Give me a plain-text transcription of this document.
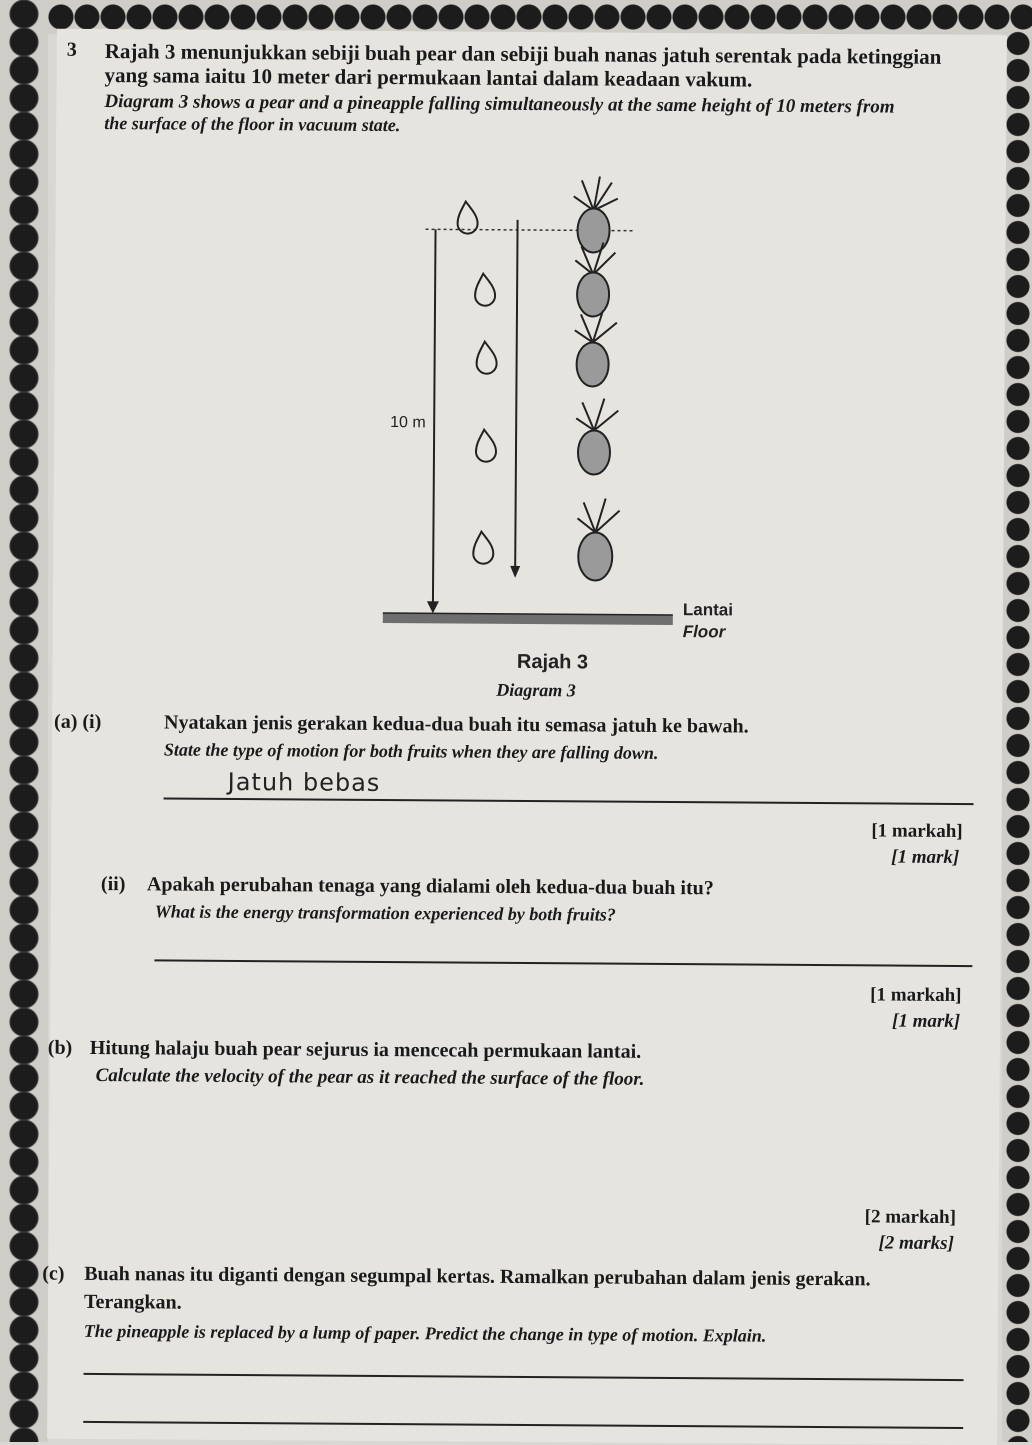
3 Rajah 3 menunjukkan sebiji buah pear dan sebiji buah nanas jatuh serentak pada ketinggian
yang sama iaitu 10 meter dari permukaan lantai dalam keadaan vakum.
Diagram 3 shows a pear and a pineapple falling simultaneously at the same height of 10 meters from
the surface of the floor in vacuum state.
10 m
Lantai
Floor
Rajah 3
Diagram 3
(a) (i)	Nyatakan jenis gerakan kedua-dua buah itu semasa jatuh ke bawah.
State the type of motion for both fruits when they are falling down.
Jatuh bebas
[1 markah]
[1 mark]
(ii) Apakah perubahan tenaga yang dialami oleh kedua-dua buah itu?
What is the energy transformation experienced by both fruits?
[1 markah]
[1 mark]
(b) Hitung halaju buah pear sejurus ia mencecah permukaan lantai.
Calculate the velocity of the pear as it reached the surface of the floor.
[2 markah]
[2 marks]
(c) Buah nanas itu diganti dengan segumpal kertas. Ramalkan perubahan dalam jenis gerakan.
Terangkan.
The pineapple is replaced by a lump of paper. Predict the change in type of motion. Explain.
